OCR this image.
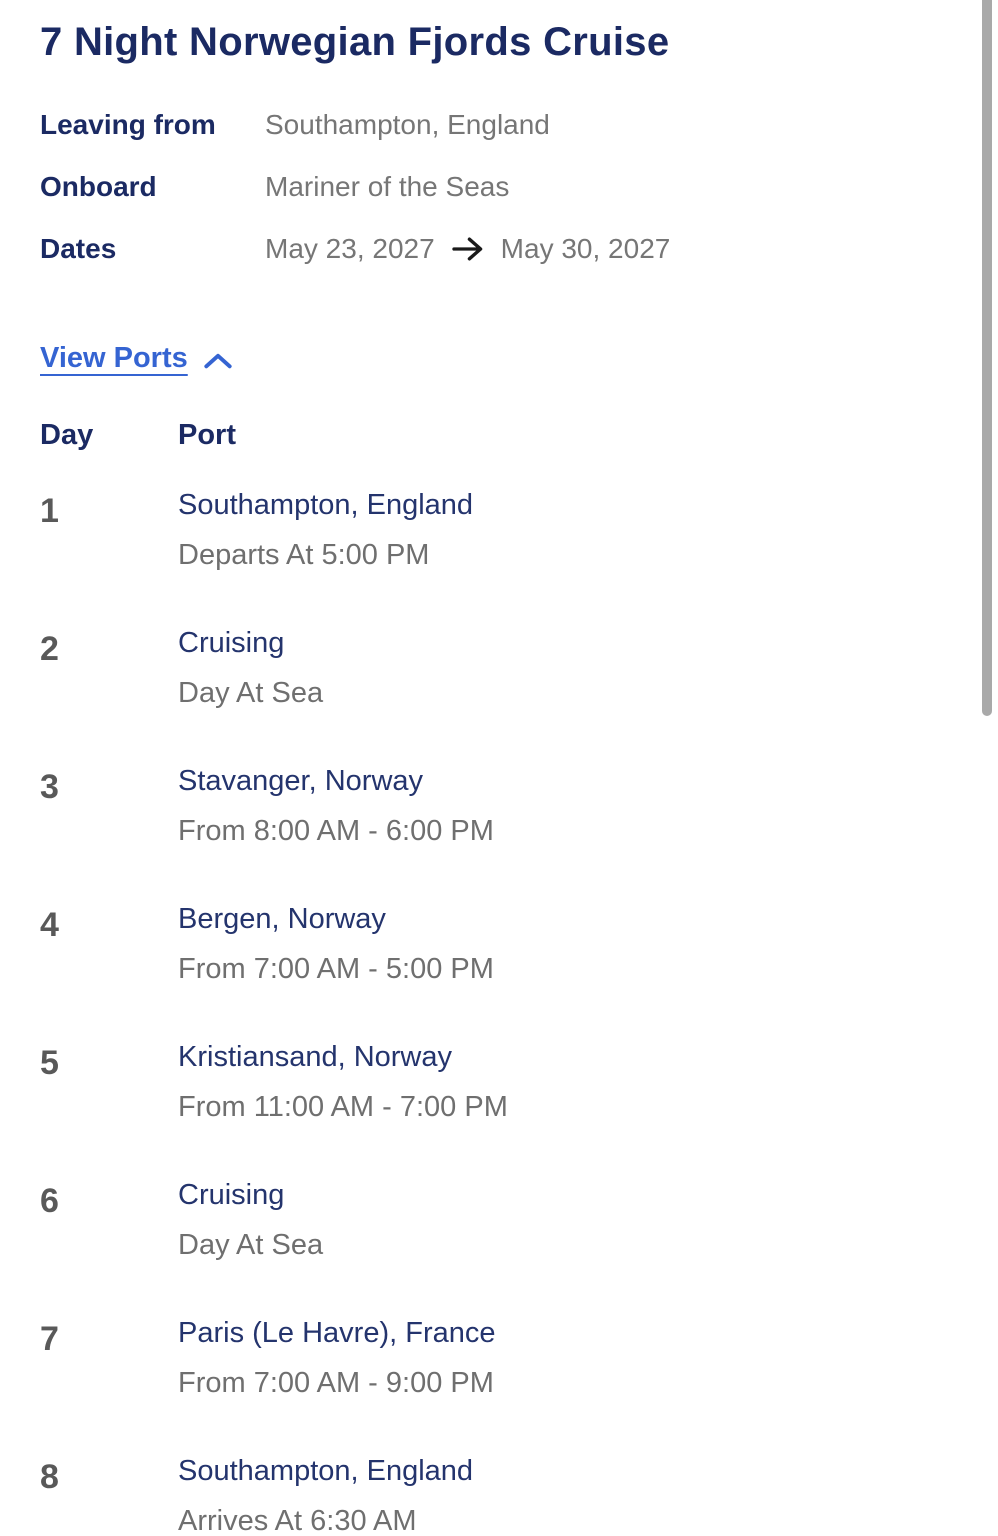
7 Night Norwegian Fjords Cruise
Leaving from	Southampton, England
Onboard	Mariner of the Seas
Dates	May 23, 2027 May 30, 2027
View Ports
Day	Port
1	Southampton, England
Departs At 5:00 PM
2	Cruising
Day At Sea
3	Stavanger, Norway
From 8:00 AM - 6:00 PM
4	Bergen, Norway
From 7:00 AM - 5:00 PM
5	Kristiansand, Norway
From 11:00 AM - 7:00 PM
6	Cruising
Day At Sea
7	Paris (Le Havre), France
From 7:00 AM - 9:00 PM
8	Southampton, England
Arrives At 6:30 AM
